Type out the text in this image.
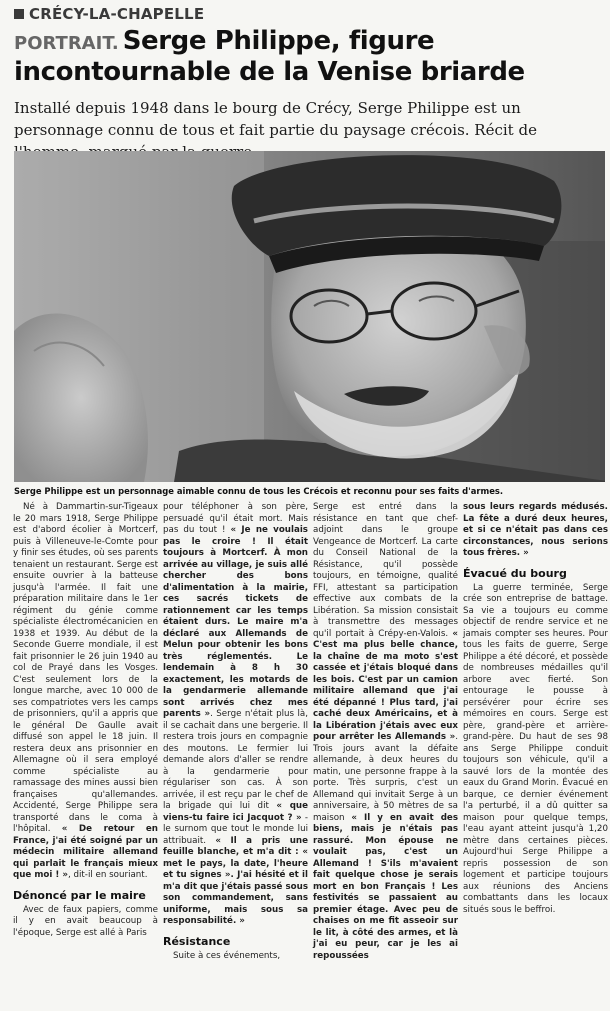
CRÉCY-LA-CHAPELLE
PORTRAIT. Serge Philippe, figure incontournable de la Venise briarde
Installé depuis 1948 dans le bourg de Crécy, Serge Philippe est un personnage connu de tous et fait partie du paysage crécois. Récit de
Serge Philippe est un personnage aimable connu de tous les Crécois et reconnu pour ses faits d'armes.

Né à Dammartin-sur-Tigeaux le 20 mars 1918, Serge Philippe est d'abord écolier à Mortcerf, puis à Villeneuve-le-Comte pour y finir ses études, où ses parents tenaient un restaurant. Serge est ensuite ouvrier à la batteuse jusqu'à l'armée. Il fait une préparation militaire dans le 1er régiment du génie comme spécialiste électromécanicien en 1938 et 1939. Au début de la Seconde Guerre mondiale, il est fait prisonnier le 26 juin 1940 au col de Prayé dans les Vosges. C'est seulement lors de la longue marche, avec 10 000 de ses compatriotes vers les camps de prisonniers, qu'il a appris que le général De Gaulle avait diffusé son appel le 18 juin. Il restera deux ans prisonnier en Allemagne où il sera employé comme spécialiste au ramassage des mines aussi bien françaises qu'allemandes. Accidenté, Serge Philippe sera transporté dans le coma à l'hôpital. « De retour en France, j'ai été soigné par un médecin militaire allemand qui parlait le français mieux que moi ! », dit-il en souriant.

Dénoncé par le maire

Avec de faux papiers, comme il y en avait beaucoup à l'époque, Serge est allé à Paris

pour téléphoner à son père, persuadé qu'il était mort. Mais pas du tout ! « Je ne voulais pas le croire ! Il était toujours à Mortcerf. À mon arrivée au village, je suis allé chercher des bons d'alimentation à la mairie, ces sacrés tickets de rationnement car les temps étaient durs. Le maire m'a déclaré aux Allemands de Melun pour obtenir les bons très réglementés. Le lendemain à 8 h 30 exactement, les motards de la gendarmerie allemande sont arrivés chez mes parents ». Serge n'était plus là, il se cachait dans une bergerie. Il restera trois jours en compagnie des moutons. Le fermier lui demande alors d'aller se rendre à la gendarmerie pour régulariser son cas. À son arrivée, il est reçu par le chef de la brigade qui lui dit « que viens-tu faire ici Jacquot ? » - le surnom que tout le monde lui attribuait. « Il a pris une feuille blanche, et m'a dit : « met le pays, la date, l'heure et tu signes ». J'ai hésité et il m'a dit que j'étais passé sous son commandement, sans uniforme, mais sous sa responsabilité. »

Résistance

Suite à ces événements,

Serge est entré dans la résistance en tant que chef-adjoint dans le groupe Vengeance de Mortcerf. La carte du Conseil National de la Résistance, qu'il possède toujours, en témoigne, qualité FFI, attestant sa participation effective aux combats de la Libération. Sa mission consistait à transmettre des messages qu'il portait à Crépy-en-Valois. « C'est ma plus belle chance, la chaîne de ma moto s'est cassée et j'étais bloqué dans les bois. C'est par un camion militaire allemand que j'ai été dépanné ! Plus tard, j'ai caché deux Américains, et à la Libération j'étais avec eux pour arrêter les Allemands ». Trois jours avant la défaite allemande, à deux heures du matin, une personne frappe à la porte. Très surpris, c'est un Allemand qui invitait Serge à un anniversaire, à 50 mètres de sa maison « Il y en avait des biens, mais je n'étais pas rassuré. Mon épouse ne voulait pas, c'est un Allemand ! S'ils m'avaient fait quelque chose je serais mort en bon Français ! Les festivités se passaient au premier étage. Avec peu de chaises on me fit asseoir sur le lit, à côté des armes, et là j'ai eu peur, car je les ai repoussées

sous leurs regards médusés. La fête a duré deux heures, et si ce n'était pas dans ces circonstances, nous serions tous frères. »

Évacué du bourg

La guerre terminée, Serge crée son entreprise de battage. Sa vie a toujours eu comme objectif de rendre service et ne jamais compter ses heures. Pour tous les faits de guerre, Serge Philippe a été décoré, et possède de nombreuses médailles qu'il arbore avec fierté. Son entourage le pousse à persévérer pour écrire ses mémoires en cours. Serge est père, grand-père et arrière-grand-père. Du haut de ses 98 ans Serge Philippe conduit toujours son véhicule, qu'il a sauvé lors de la montée des eaux du Grand Morin. Évacué en barque, ce dernier événement l'a perturbé, il a dû quitter sa maison pour quelque temps, l'eau ayant atteint jusqu'à 1,20 mètre dans certaines pièces. Aujourd'hui Serge Philippe a repris possession de son logement et participe toujours aux réunions des Anciens combattants dans les locaux situés sous le beffroi.
